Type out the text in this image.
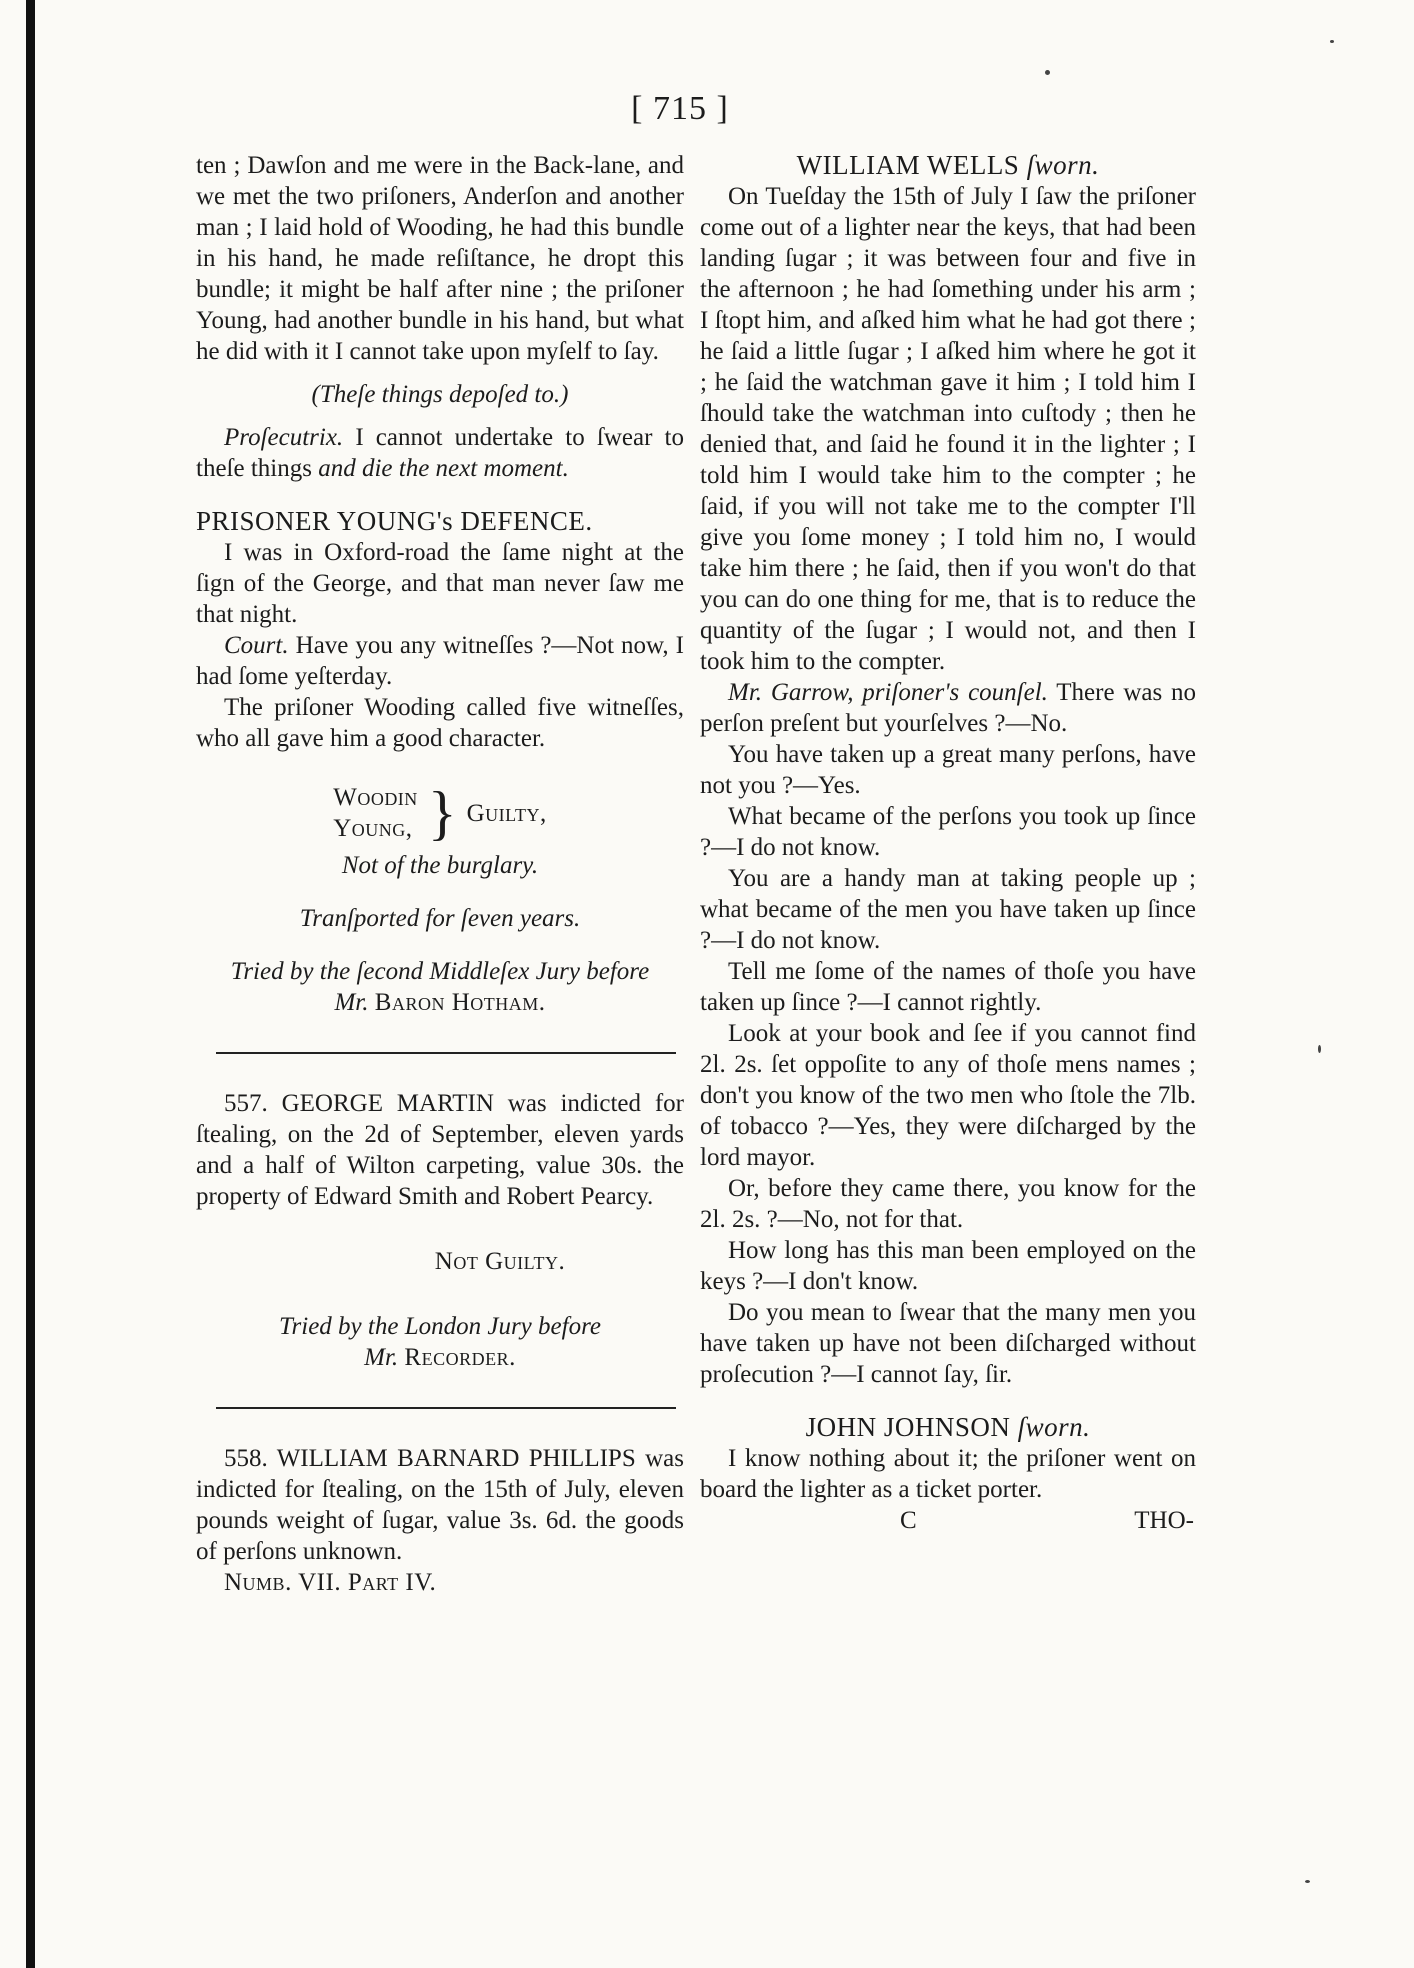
[ 715 ]

ten ; Dawſon and me were in the Back-lane, and we met the two priſoners, Anderſon and another man ; I laid hold of Wooding, he had this bundle in his hand, he made reſiſtance, he dropt this bundle; it might be half after nine ; the priſoner Young, had another bundle in his hand, but what he did with it I cannot take upon myſelf to ſay.

(Theſe things depoſed to.)

Proſecutrix. I cannot undertake to ſwear to theſe things and die the next moment.

PRISONER YOUNG's DEFENCE.

I was in Oxford-road the ſame night at the ſign of the George, and that man never ſaw me that night.

Court. Have you any witneſſes ?—Not now, I had ſome yeſterday.

The priſoner Wooding called five witneſſes, who all gave him a good character.

Woodin
Young, } Guilty,

Not of the burglary.

Tranſported for ſeven years.

Tried by the ſecond Middleſex Jury before

Mr. Baron Hotham.

557. GEORGE MARTIN was indicted for ſtealing, on the 2d of September, eleven yards and a half of Wilton carpeting, value 30s. the property of Edward Smith and Robert Pearcy.

Not Guilty.

Tried by the London Jury before

Mr. Recorder.

558. WILLIAM BARNARD PHILLIPS was indicted for ſtealing, on the 15th of July, eleven pounds weight of ſugar, value 3s. 6d. the goods of perſons unknown.

Numb. VII. Part IV.

WILLIAM WELLS ſworn.

On Tueſday the 15th of July I ſaw the priſoner come out of a lighter near the keys, that had been landing ſugar ; it was between four and five in the afternoon ; he had ſomething under his arm ; I ſtopt him, and aſked him what he had got there ; he ſaid a little ſugar ; I aſked him where he got it ; he ſaid the watchman gave it him ; I told him I ſhould take the watchman into cuſtody ; then he denied that, and ſaid he found it in the lighter ; I told him I would take him to the compter ; he ſaid, if you will not take me to the compter I'll give you ſome money ; I told him no, I would take him there ; he ſaid, then if you won't do that you can do one thing for me, that is to reduce the quantity of the ſugar ; I would not, and then I took him to the compter.

Mr. Garrow, priſoner's counſel. There was no perſon preſent but yourſelves ?—No.

You have taken up a great many perſons, have not you ?—Yes.

What became of the perſons you took up ſince ?—I do not know.

You are a handy man at taking people up ; what became of the men you have taken up ſince ?—I do not know.

Tell me ſome of the names of thoſe you have taken up ſince ?—I cannot rightly.

Look at your book and ſee if you cannot find 2l. 2s. ſet oppoſite to any of thoſe mens names ; don't you know of the two men who ſtole the 7lb. of tobacco ?—Yes, they were diſcharged by the lord mayor.

Or, before they came there, you know for the 2l. 2s. ?—No, not for that.

How long has this man been employed on the keys ?—I don't know.

Do you mean to ſwear that the many men you have taken up have not been diſcharged without proſecution ?—I cannot ſay, ſir.

JOHN JOHNSON ſworn.

I know nothing about it; the priſoner went on board the lighter as a ticket porter.

C	THO-
